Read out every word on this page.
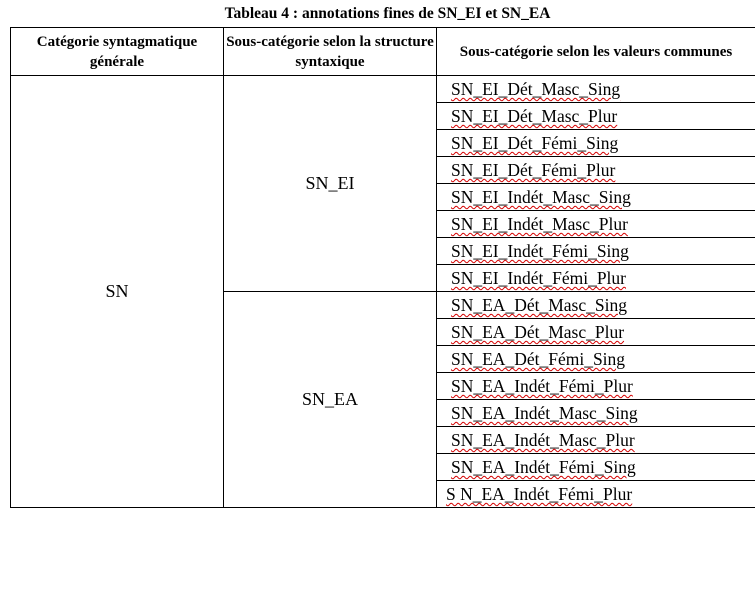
Tableau 4 : annotations fines de SN_EI et SN_EA
Catégorie syntagmatique générale	Sous-catégorie selon la structure syntaxique	Sous-catégorie selon les valeurs communes
SN	SN_EI	SN_EI_Dét_Masc_Sing
		SN_EI_Dét_Masc_Plur
		SN_EI_Dét_Fémi_Sing
		SN_EI_Dét_Fémi_Plur
		SN_EI_Indét_Masc_Sing
		SN_EI_Indét_Masc_Plur
		SN_EI_Indét_Fémi_Sing
		SN_EI_Indét_Fémi_Plur
	SN_EA	SN_EA_Dét_Masc_Sing
		SN_EA_Dét_Masc_Plur
		SN_EA_Dét_Fémi_Sing
		SN_EA_Indét_Fémi_Plur
		SN_EA_Indét_Masc_Sing
		SN_EA_Indét_Masc_Plur
		SN_EA_Indét_Fémi_Sing
		S N_EA_Indét_Fémi_Plur
